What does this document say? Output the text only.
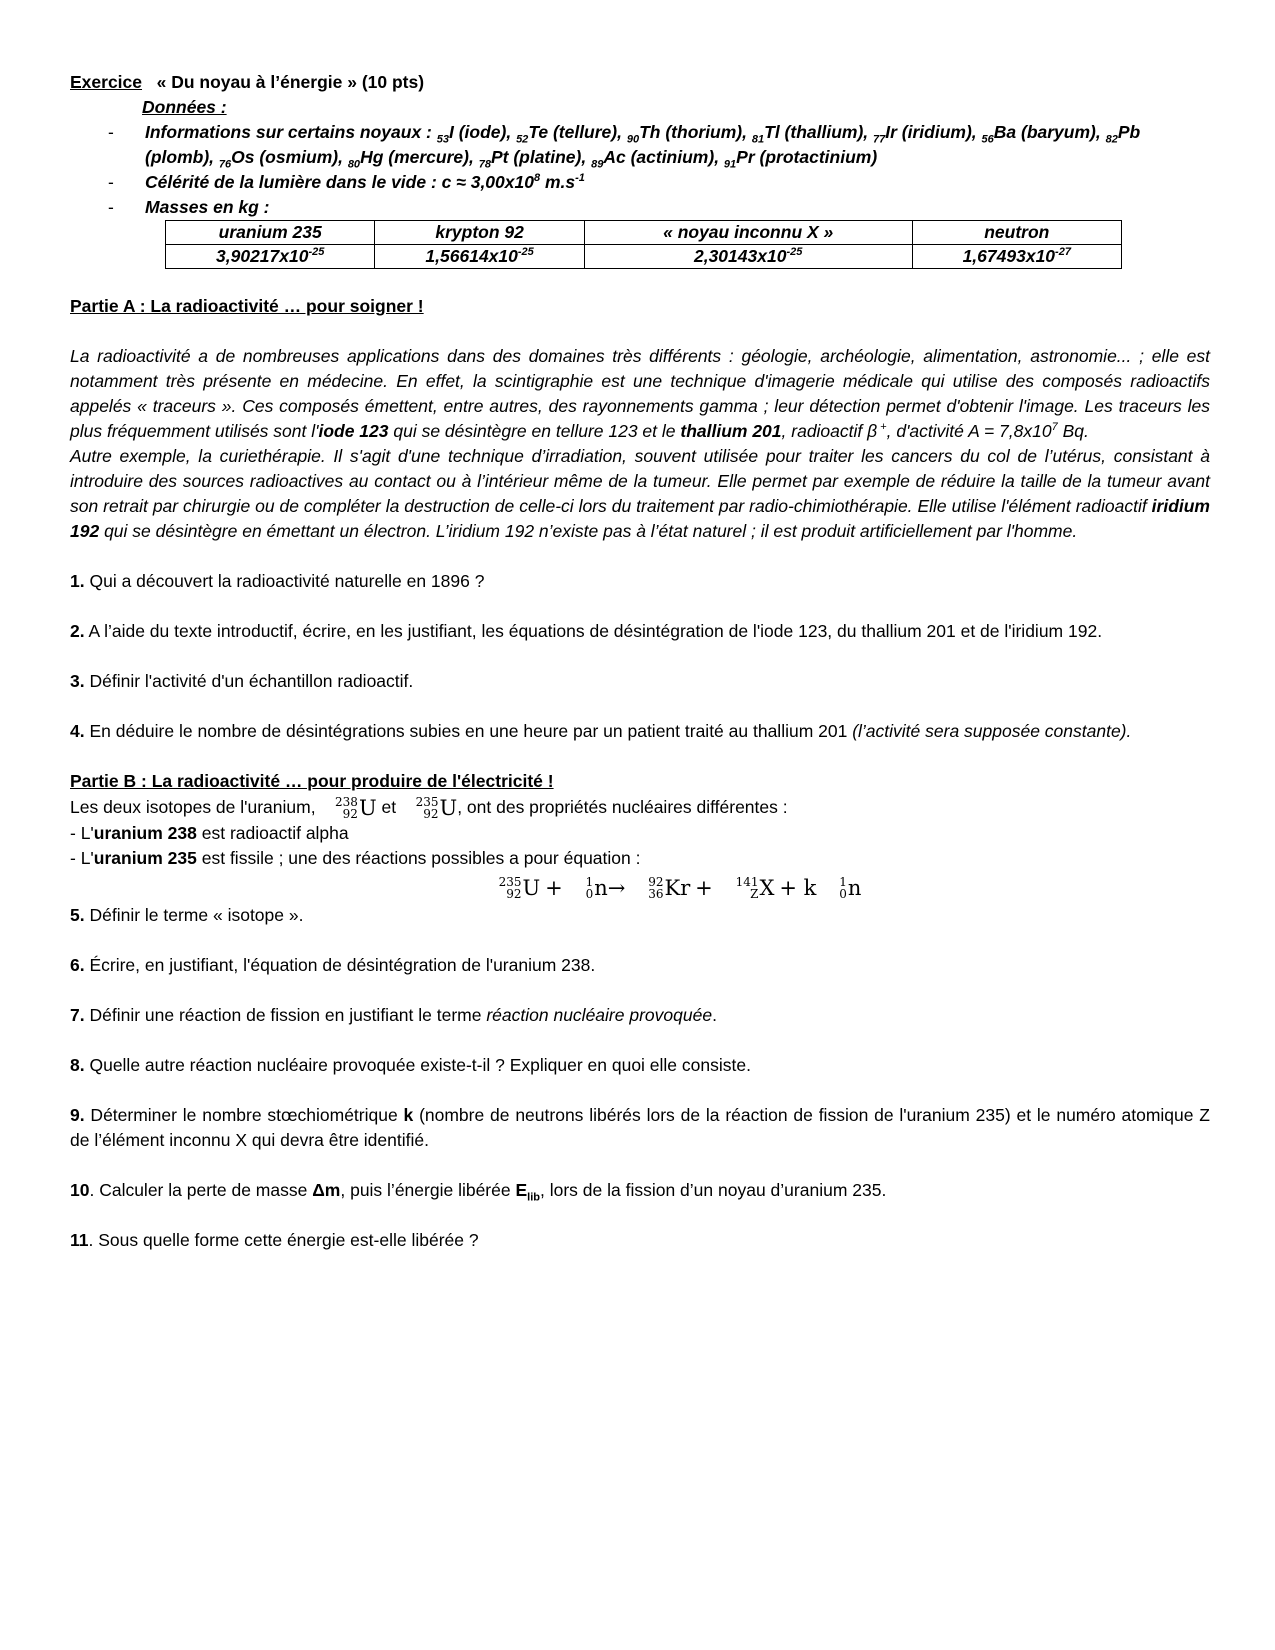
Exercice « Du noyau à l’énergie » (10 pts)
Données :
- Informations sur certains noyaux : $_{53}$I (iode), $_{52}$Te (tellure), $_{90}$Th (thorium), $_{81}$Tl (thallium), $_{77}$Ir (iridium), $_{56}$Ba (baryum), $_{82}$Pb (plomb), $_{76}$Os (osmium), $_{80}$Hg (mercure), $_{78}$Pt (platine), $_{89}$Ac (actinium), $_{91}$Pr (protactinium)
- Célérité de la lumière dans le vide : $c \approx 3,00x10^8$ $m.s^{-1}$
- Masses en kg :
uranium 235	krypton 92	« noyau inconnu X »	neutron
$3,90217x10^{-25}$	$1,56614x10^{-25}$	$2,30143x10^{-25}$	$1,67493x10^{-27}$
Partie A : La radioactivité … pour soigner !
La radioactivité a de nombreuses applications dans des domaines très différents : géologie, archéologie, alimentation, astronomie... ; elle est notamment très présente en médecine. En effet, la scintigraphie est une technique d'imagerie médicale qui utilise des composés radioactifs appelés « traceurs ». Ces composés émettent, entre autres, des rayonnements gamma ; leur détection permet d'obtenir l'image. Les traceurs les plus fréquemment utilisés sont l'iode 123 qui se désintègre en tellure 123 et le thallium 201, radioactif β +, d'activité $A = 7,8x10^7$ Bq.
Autre exemple, la curiethérapie. Il s'agit d'une technique d’irradiation, souvent utilisée pour traiter les cancers du col de l’utérus, consistant à introduire des sources radioactives au contact ou à l’intérieur même de la tumeur. Elle permet par exemple de réduire la taille de la tumeur avant son retrait par chirurgie ou de compléter la destruction de celle-ci lors du traitement par radio-chimiothérapie. Elle utilise l'élément radioactif iridium 192 qui se désintègre en émettant un électron. L’iridium 192 n’existe pas à l’état naturel ; il est produit artificiellement par l'homme.
1. Qui a découvert la radioactivité naturelle en 1896 ?
2. A l’aide du texte introductif, écrire, en les justifiant, les équations de désintégration de l'iode 123, du thallium 201 et de l'iridium 192.
3. Définir l'activité d'un échantillon radioactif.
4. En déduire le nombre de désintégrations subies en une heure par un patient traité au thallium 201 (l’activité sera supposée constante).
Partie B : La radioactivité … pour produire de l'électricité !
Les deux isotopes de l'uranium, 238
92 U et 235
92 U , ont des propriétés nucléaires différentes :
- L'uranium 238 est radioactif alpha
- L'uranium 235 est fissile ; une des réactions possibles a pour équation :
235
92 U + 1
0 n → 92
36 Kr + 141
Z X + k 1
0 n
5. Définir le terme « isotope ».
6. Écrire, en justifiant, l'équation de désintégration de l'uranium 238.
7. Définir une réaction de fission en justifiant le terme réaction nucléaire provoquée.
8. Quelle autre réaction nucléaire provoquée existe-t-il ? Expliquer en quoi elle consiste.
9. Déterminer le nombre stœchiométrique k (nombre de neutrons libérés lors de la réaction de fission de l'uranium 235) et le numéro atomique Z de l’élément inconnu X qui devra être identifié.
10. Calculer la perte de masse Δm, puis l’énergie libérée $E_{lib}$, lors de la fission d’un noyau d’uranium 235.
11. Sous quelle forme cette énergie est-elle libérée ?
